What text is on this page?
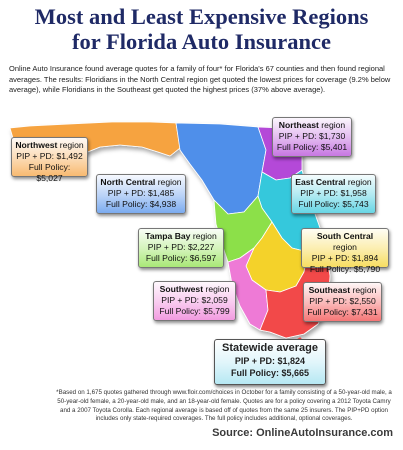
Most and Least Expensive Regions
for Florida Auto Insurance
Online Auto Insurance found average quotes for a family of four* for Florida's 67 counties and then found regional averages. The results: Floridians in the North Central region get quoted the lowest prices for coverage (9.2% below average), while Floridians in the Southeast get quoted the highest prices (37% above average).
Northwest region
PIP + PD: $1,492
Full Policy: $5,027	North Central region
PIP + PD: $1,485
Full Policy: $4,938
Northeast region
PIP + PD: $1,730
Full Policy: $5,401
East Central region
PIP + PD: $1,958
Full Policy: $5,743
Tampa Bay region
PIP + PD: $2,227
Full Policy: $6,597
South Central region
PIP + PD: $1,894
Full Policy: $5,790
Southwest region
PIP + PD: $2,059
Full Policy: $5,799
Southeast region
PIP + PD: $2,550
Full Policy: $7,431
Statewide average
PIP + PD: $1,824
Full Policy: $5,665
*Based on 1,675 quotes gathered through www.floir.com/choices in October for a family consisting of a 50-year-old male, a 50-year-old female, a 20-year-old male, and an 18-year-old female. Quotes are for a policy covering a 2012 Toyota Camry and a 2007 Toyota Corolla. Each regional average is based off of quotes from the same 25 insurers. The PIP+PD option includes only state-required coverages. The full policy includes additional, optional coverages.
Source: OnlineAutoInsurance.com
